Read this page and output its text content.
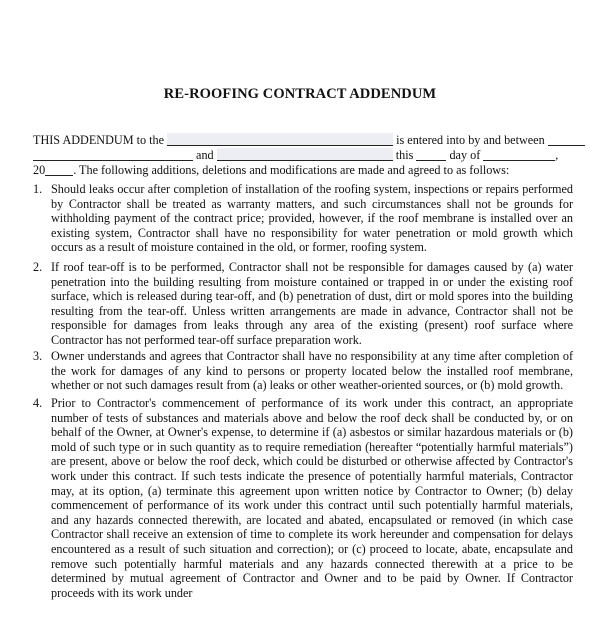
RE-ROOFING CONTRACT ADDENDUM
THIS ADDENDUM to the	is entered into by and between
and	this	day of	,
20 . The following additions, deletions and modifications are made and agreed to as follows:
1. Should leaks occur after completion of installation of the roofing system, inspections or repairs performed by Contractor shall be treated as warranty matters, and such circumstances shall not be grounds for withholding payment of the contract price; provided, however, if the roof membrane is installed over an existing system, Contractor shall have no responsibility for water penetration or mold growth which occurs as a result of moisture contained in the old, or former, roofing system.
2. If roof tear-off is to be performed, Contractor shall not be responsible for damages caused by (a) water penetration into the building resulting from moisture contained or trapped in or under the existing roof surface, which is released during tear-off, and (b) penetration of dust, dirt or mold spores into the building resulting from the tear-off. Unless written arrangements are made in advance, Contractor shall not be responsible for damages from leaks through any area of the existing (present) roof surface where Contractor has not performed tear-off surface preparation work.
3. Owner understands and agrees that Contractor shall have no responsibility at any time after completion of the work for damages of any kind to persons or property located below the installed roof membrane, whether or not such damages result from (a) leaks or other weather-oriented sources, or (b) mold growth.
4. Prior to Contractor's commencement of performance of its work under this contract, an appropriate number of tests of substances and materials above and below the roof deck shall be conducted by, or on behalf of the Owner, at Owner's expense, to determine if (a) asbestos or similar hazardous materials or (b) mold of such type or in such quantity as to require remediation (hereafter “potentially harmful materials”) are present, above or below the roof deck, which could be disturbed or otherwise affected by Contractor's work under this contract. If such tests indicate the presence of potentially harmful materials, Contractor may, at its option, (a) terminate this agreement upon written notice by Contractor to Owner; (b) delay commencement of performance of its work under this contract until such potentially harmful materials, and any hazards connected therewith, are located and abated, encapsulated or removed (in which case Contractor shall receive an extension of time to complete its work hereunder and compensation for delays encountered as a result of such situation and correction); or (c) proceed to locate, abate, encapsulate and remove such potentially harmful materials and any hazards connected therewith at a price to be determined by mutual agreement of Contractor and Owner and to be paid by Owner. If Contractor proceeds with its work under
